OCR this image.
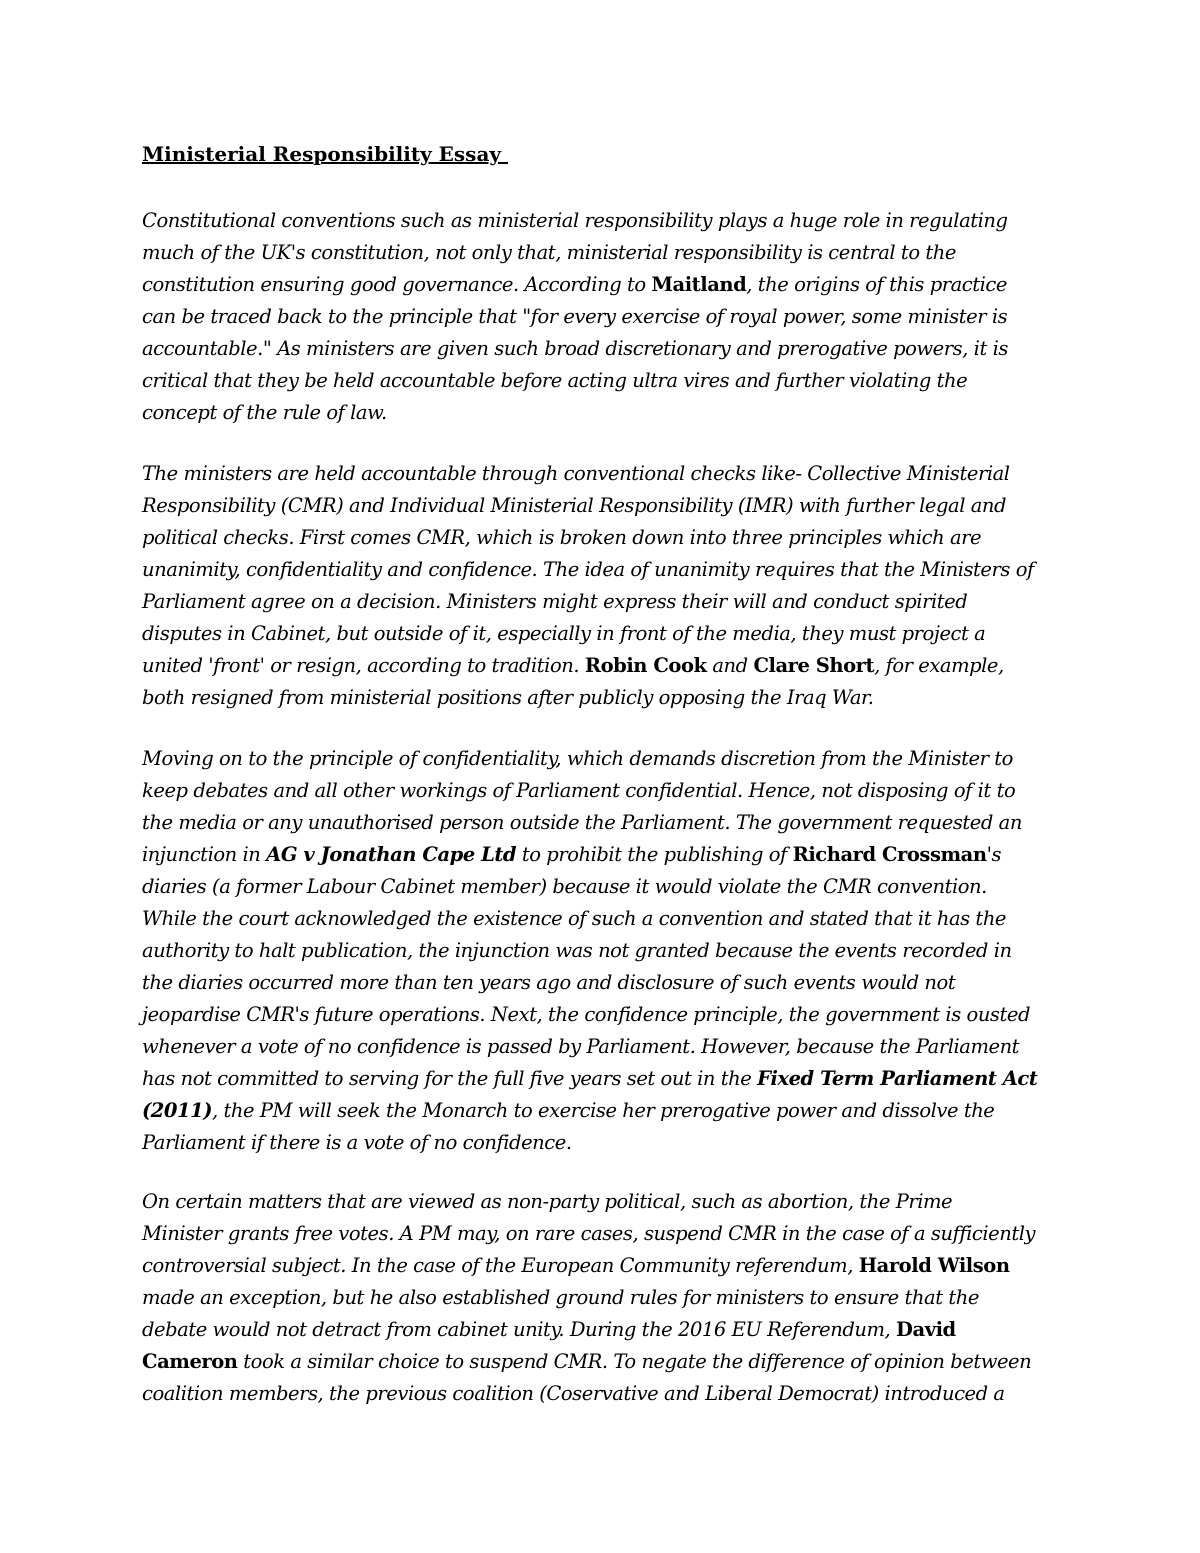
Ministerial Responsibility Essay
Constitutional conventions such as ministerial responsibility plays a huge role in regulating
much of the UK's constitution, not only that, ministerial responsibility is central to the
constitution ensuring good governance. According to Maitland, the origins of this practice
can be traced back to the principle that "for every exercise of royal power, some minister is
accountable." As ministers are given such broad discretionary and prerogative powers, it is
critical that they be held accountable before acting ultra vires and further violating the
concept of the rule of law.
The ministers are held accountable through conventional checks like- Collective Ministerial
Responsibility (CMR) and Individual Ministerial Responsibility (IMR) with further legal and
political checks. First comes CMR, which is broken down into three principles which are
unanimity, confidentiality and confidence. The idea of unanimity requires that the Ministers of
Parliament agree on a decision. Ministers might express their will and conduct spirited
disputes in Cabinet, but outside of it, especially in front of the media, they must project a
united 'front' or resign, according to tradition. Robin Cook and Clare Short, for example,
both resigned from ministerial positions after publicly opposing the Iraq War.
Moving on to the principle of confidentiality, which demands discretion from the Minister to
keep debates and all other workings of Parliament confidential. Hence, not disposing of it to
the media or any unauthorised person outside the Parliament. The government requested an
injunction in AG v Jonathan Cape Ltd to prohibit the publishing of Richard Crossman's
diaries (a former Labour Cabinet member) because it would violate the CMR convention.
While the court acknowledged the existence of such a convention and stated that it has the
authority to halt publication, the injunction was not granted because the events recorded in
the diaries occurred more than ten years ago and disclosure of such events would not
jeopardise CMR's future operations. Next, the confidence principle, the government is ousted
whenever a vote of no confidence is passed by Parliament. However, because the Parliament
has not committed to serving for the full five years set out in the Fixed Term Parliament Act
(2011), the PM will seek the Monarch to exercise her prerogative power and dissolve the
Parliament if there is a vote of no confidence.
On certain matters that are viewed as non-party political, such as abortion, the Prime
Minister grants free votes. A PM may, on rare cases, suspend CMR in the case of a sufficiently
controversial subject. In the case of the European Community referendum, Harold Wilson
made an exception, but he also established ground rules for ministers to ensure that the
debate would not detract from cabinet unity. During the 2016 EU Referendum, David
Cameron took a similar choice to suspend CMR. To negate the difference of opinion between
coalition members, the previous coalition (Coservative and Liberal Democrat) introduced a
